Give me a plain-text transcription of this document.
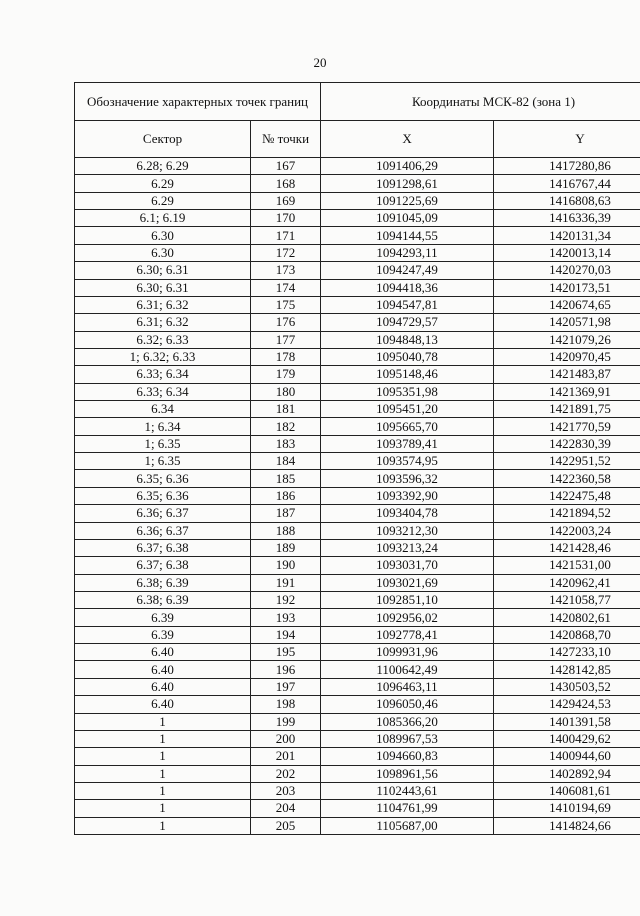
20
Обозначение характерных точек границ		Координаты МСК-82 (зона 1)	
Сектор	№ точки	X	Y
6.28; 6.29	167	1091406,29	1417280,86
6.29	168	1091298,61	1416767,44
6.29	169	1091225,69	1416808,63
6.1; 6.19	170	1091045,09	1416336,39
6.30	171	1094144,55	1420131,34
6.30	172	1094293,11	1420013,14
6.30; 6.31	173	1094247,49	1420270,03
6.30; 6.31	174	1094418,36	1420173,51
6.31; 6.32	175	1094547,81	1420674,65
6.31; 6.32	176	1094729,57	1420571,98
6.32; 6.33	177	1094848,13	1421079,26
1; 6.32; 6.33	178	1095040,78	1420970,45
6.33; 6.34	179	1095148,46	1421483,87
6.33; 6.34	180	1095351,98	1421369,91
6.34	181	1095451,20	1421891,75
1; 6.34	182	1095665,70	1421770,59
1; 6.35	183	1093789,41	1422830,39
1; 6.35	184	1093574,95	1422951,52
6.35; 6.36	185	1093596,32	1422360,58
6.35; 6.36	186	1093392,90	1422475,48
6.36; 6.37	187	1093404,78	1421894,52
6.36; 6.37	188	1093212,30	1422003,24
6.37; 6.38	189	1093213,24	1421428,46
6.37; 6.38	190	1093031,70	1421531,00
6.38; 6.39	191	1093021,69	1420962,41
6.38; 6.39	192	1092851,10	1421058,77
6.39	193	1092956,02	1420802,61
6.39	194	1092778,41	1420868,70
6.40	195	1099931,96	1427233,10
6.40	196	1100642,49	1428142,85
6.40	197	1096463,11	1430503,52
6.40	198	1096050,46	1429424,53
1	199	1085366,20	1401391,58
1	200	1089967,53	1400429,62
1	201	1094660,83	1400944,60
1	202	1098961,56	1402892,94
1	203	1102443,61	1406081,61
1	204	1104761,99	1410194,69
1	205	1105687,00	1414824,66
